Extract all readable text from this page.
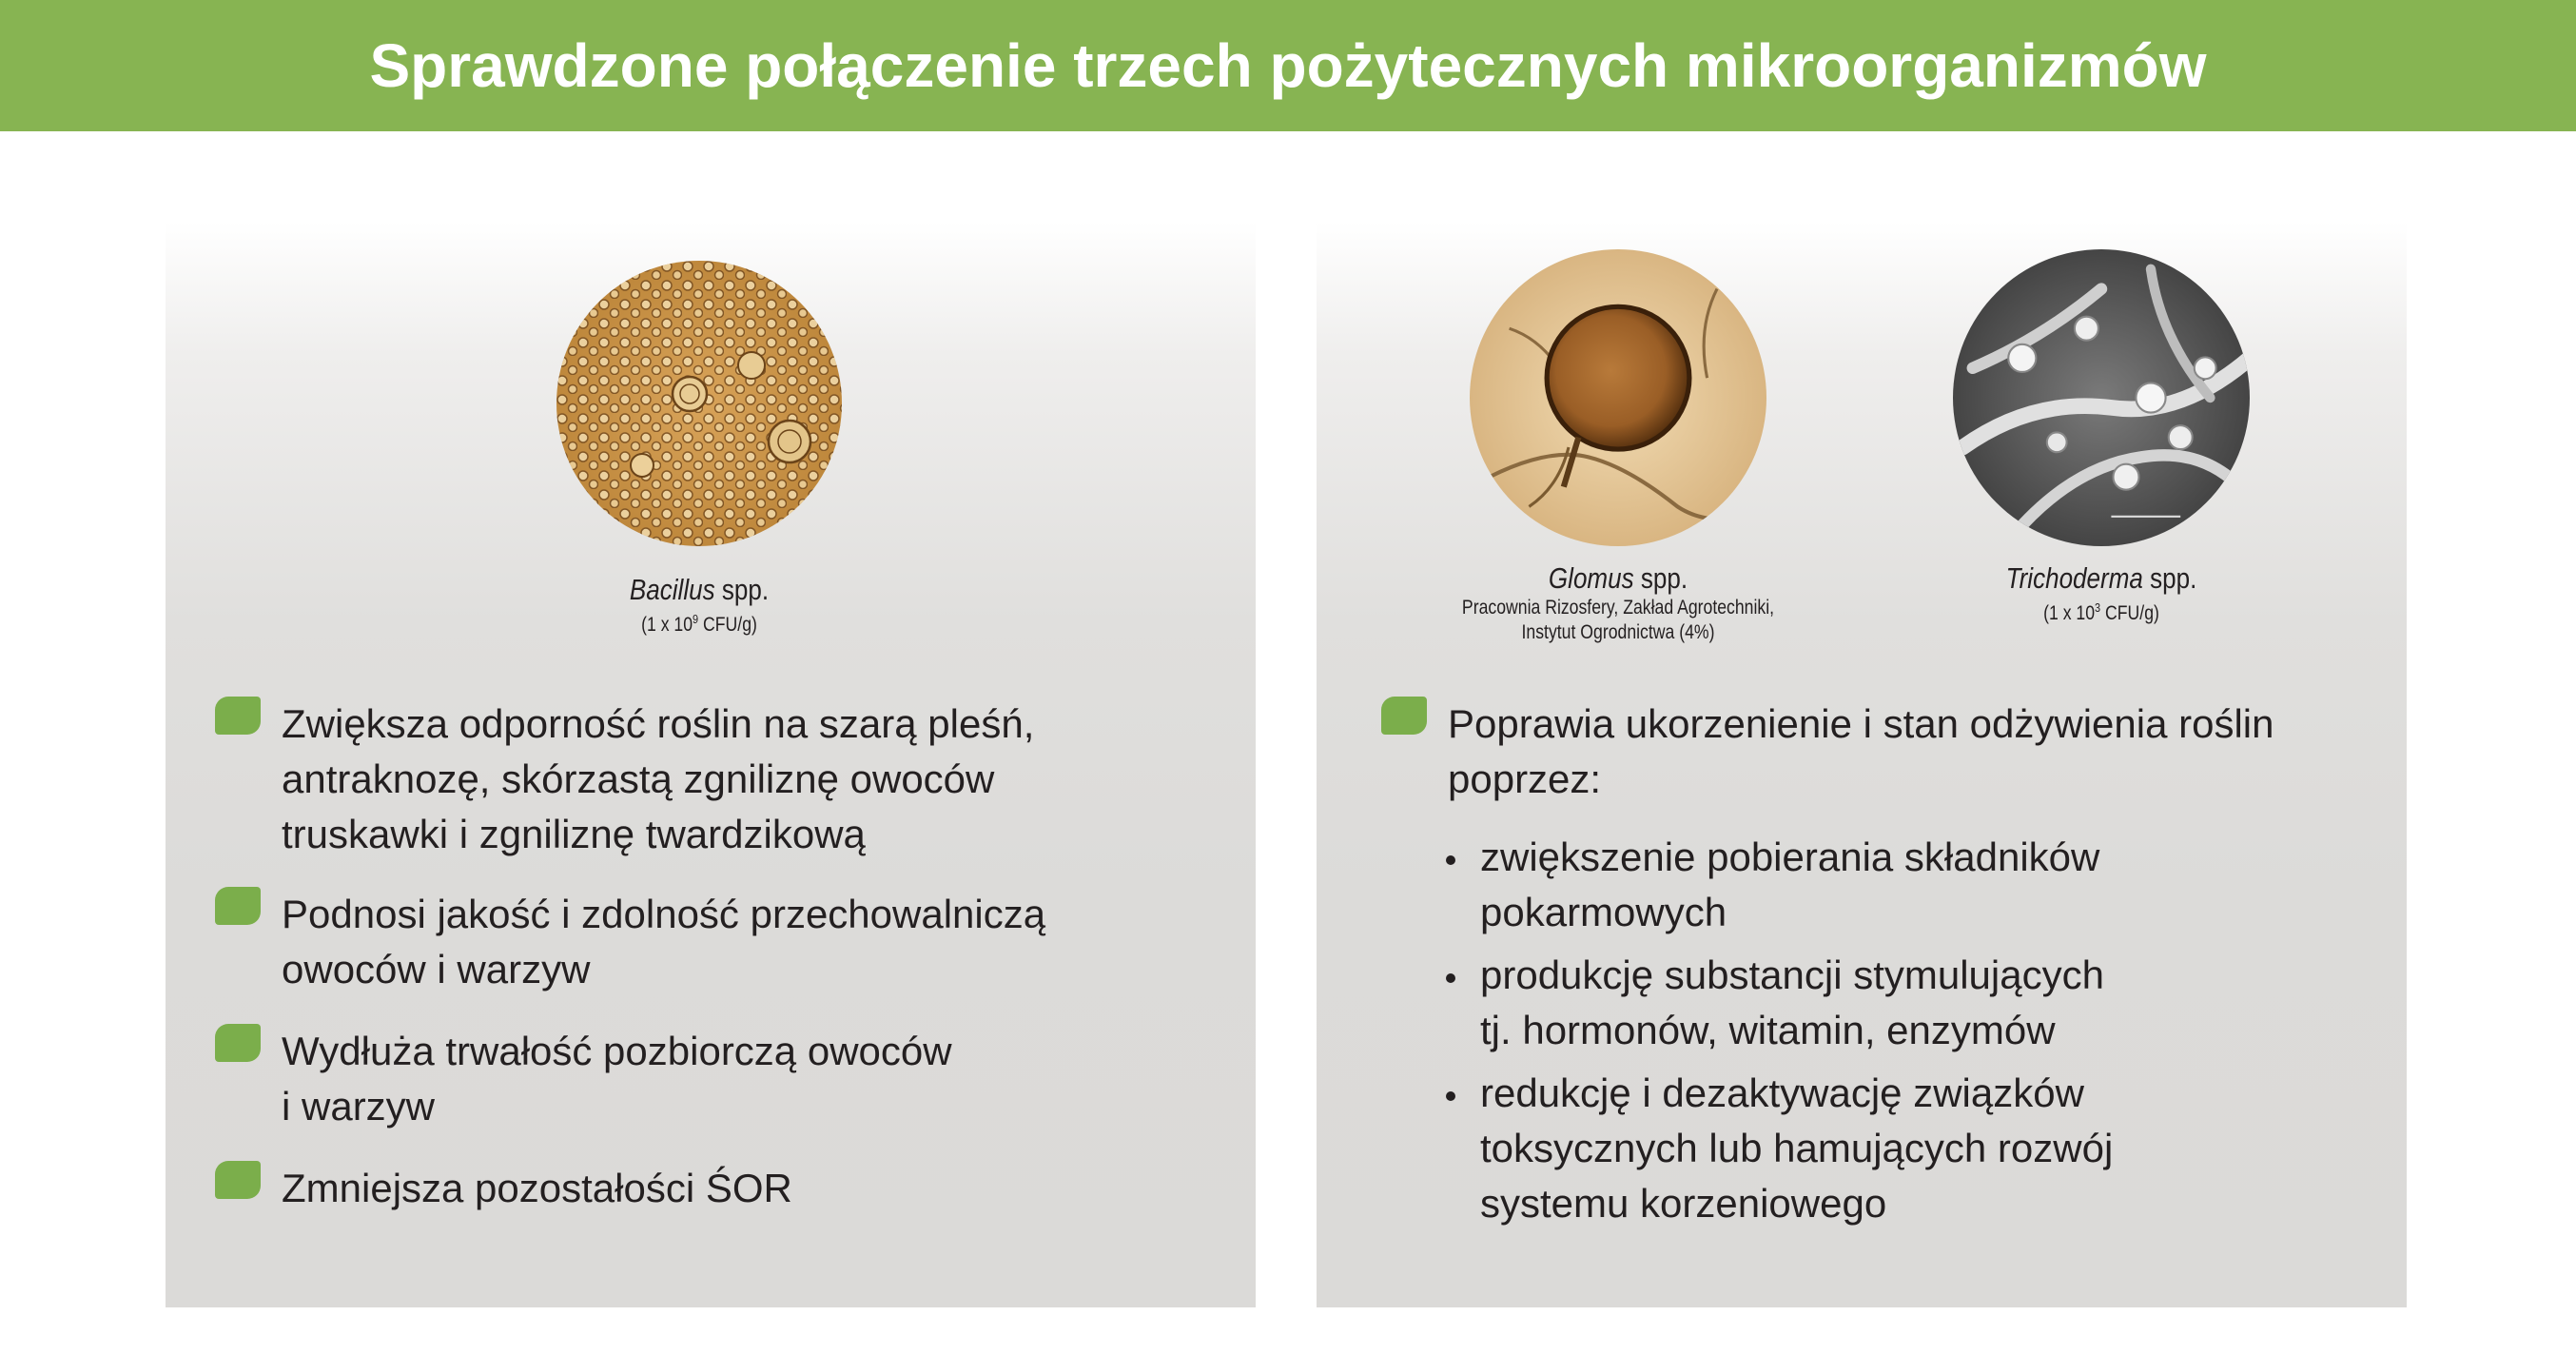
Sprawdzone połączenie trzech pożytecznych mikroorganizmów
Bacillus spp.
(1 x $10^9$ CFU/g)
Zwiększa odporność roślin na szarą pleśń,
antraknozę, skórzastą zgniliznę owoców
truskawki i zgniliznę twardzikową
Podnosi jakość i zdolność przechowalniczą
owoców i warzyw
Wydłuża trwałość pozbiorczą owoców
i warzyw
Zmniejsza pozostałości ŚOR
Glomus spp.
Pracownia Rizosfery, Zakład Agrotechniki,
Instytut Ogrodnictwa (4%)
Trichoderma spp.
(1 x $10^3$ CFU/g)
Poprawia ukorzenienie i stan odżywienia roślin
poprzez:
zwiększenie pobierania składników
pokarmowych
produkcję substancji stymulujących
tj. hormonów, witamin, enzymów
redukcję i dezaktywację związków
toksycznych lub hamujących rozwój
systemu korzeniowego
